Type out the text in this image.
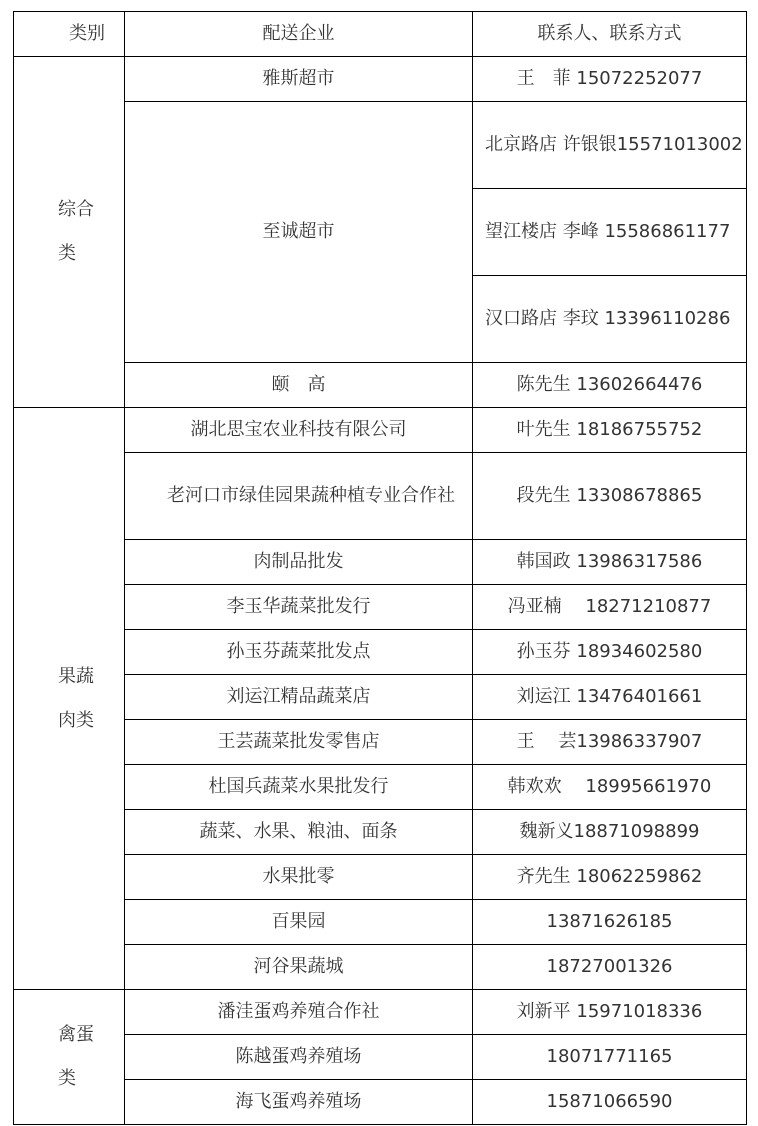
类别	配送企业	联系人、联系方式

综合
类	雅斯超市	王　菲 15072252077
	至诚超市	北京路店 许银银15571013002

		望江楼店 李峰 15586861177

		汉口路店 李玟 13396110286

	颐　高	陈先生 13602664476

果蔬
肉类	湖北思宝农业科技有限公司	叶先生 18186755752

	老河口市绿佳园果蔬种植专业合作社	段先生 13308678865
	肉制品批发	韩国政 13986317586
	李玉华蔬菜批发行	冯亚楠　 18271210877
	孙玉芬蔬菜批发点	孙玉芬 18934602580
	刘运江精品蔬菜店	刘运江 13476401661
	王芸蔬菜批发零售店	王　 芸13986337907
	杜国兵蔬菜水果批发行	韩欢欢　 18995661970
	蔬菜、水果、粮油、面条	魏新义18871098899
	水果批零	齐先生 18062259862
	百果园	13871626185
	河谷果蔬城	18727001326

禽蛋
类	潘洼蛋鸡养殖合作社	刘新平 15971018336
	陈越蛋鸡养殖场	18071771165
	海飞蛋鸡养殖场	15871066590
